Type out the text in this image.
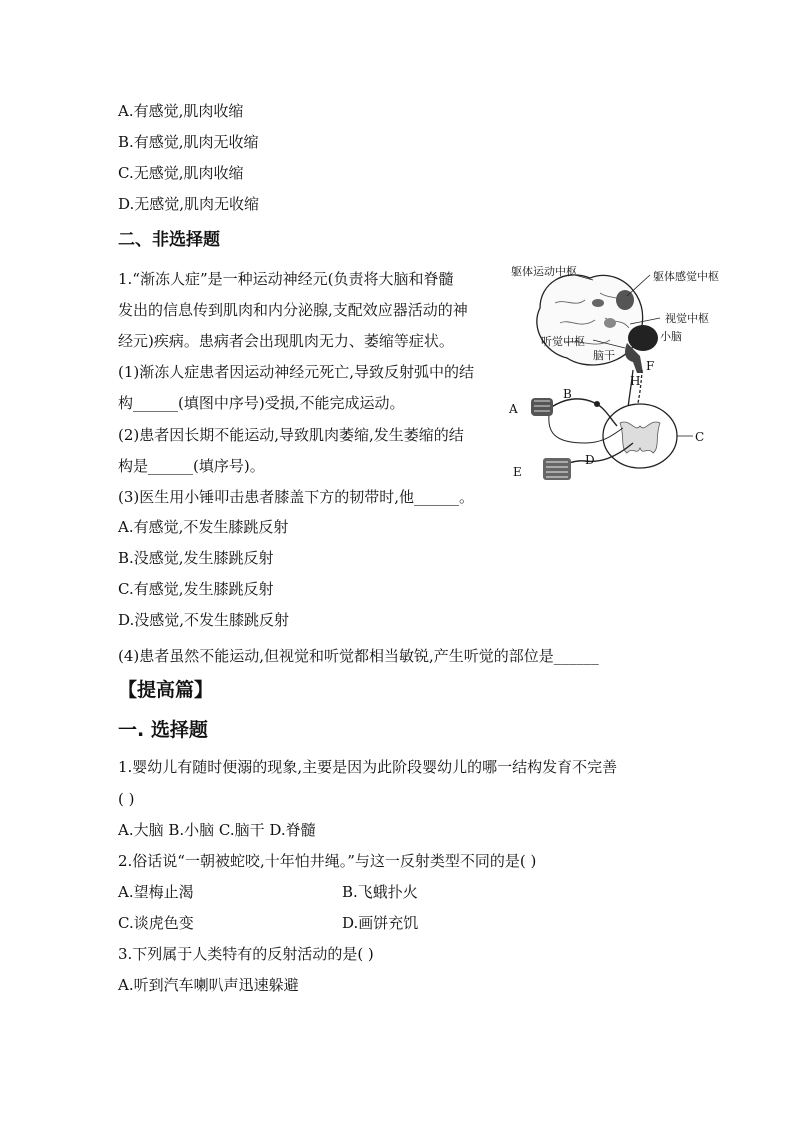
A.有感觉,肌肉收缩
B.有感觉,肌肉无收缩
C.无感觉,肌肉收缩
D.无感觉,肌肉无收缩
二、非选择题
1.“渐冻人症”是一种运动神经元(负责将大脑和脊髓
发出的信息传到肌肉和内分泌腺,支配效应器活动的神
经元)疾病。患病者会出现肌肉无力、萎缩等症状。
(1)渐冻人症患者因运动神经元死亡,导致反射弧中的结
构______(填图中序号)受损,不能完成运动。
(2)患者因长期不能运动,导致肌肉萎缩,发生萎缩的结
构是______(填序号)。
(3)医生用小锤叩击患者膝盖下方的韧带时,他______。
A.有感觉,不发生膝跳反射
B.没感觉,发生膝跳反射
C.有感觉,发生膝跳反射
D.没感觉,不发生膝跳反射
(4)患者虽然不能运动,但视觉和听觉都相当敏锐,产生听觉的部位是______
躯体运动中枢	躯体感觉中枢
视觉中枢
听觉中枢	小脑
脑干
A
B
C
D
E
F
H
【提高篇】
一. 选择题
1.婴幼儿有随时便溺的现象,主要是因为此阶段婴幼儿的哪一结构发育不完善
( )
A.大脑 B.小脑 C.脑干 D.脊髓
2.俗话说“一朝被蛇咬,十年怕井绳。”与这一反射类型不同的是( )
A.望梅止渴	B.飞蛾扑火
C.谈虎色变	D.画饼充饥
3.下列属于人类特有的反射活动的是( )
A.听到汽车喇叭声迅速躲避
